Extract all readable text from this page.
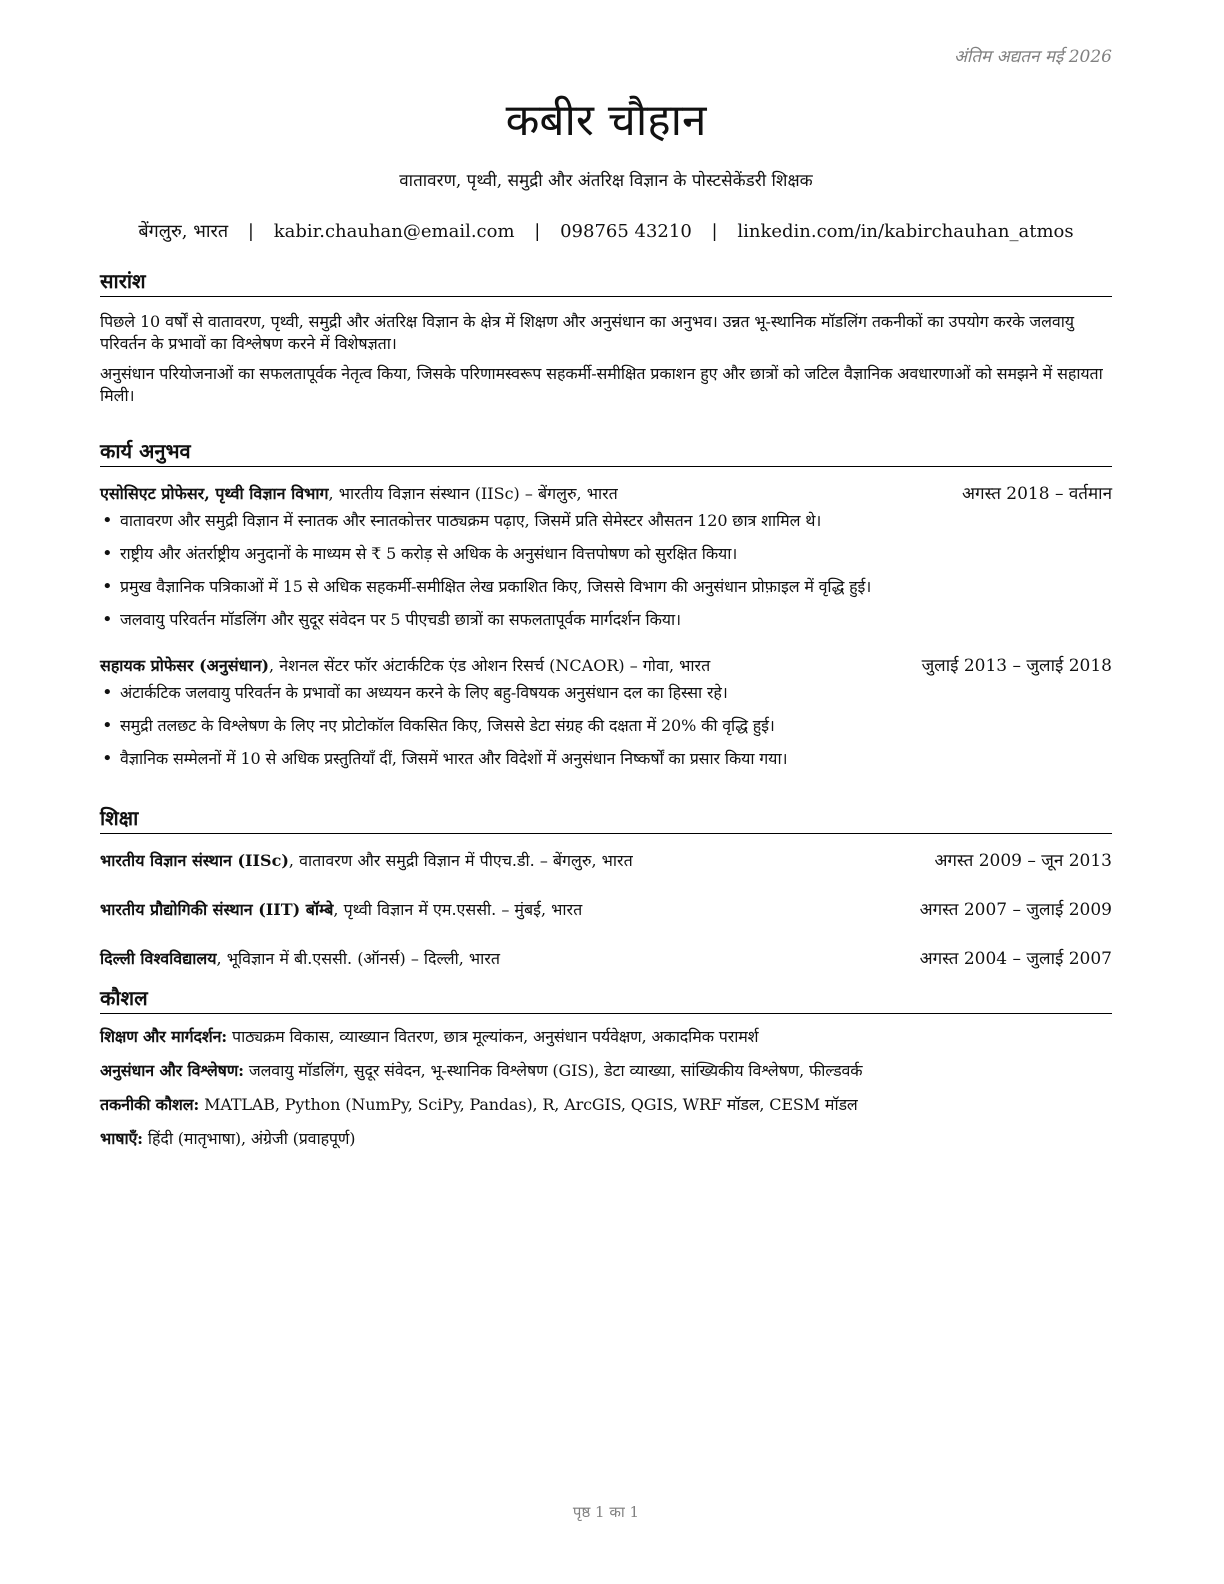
अंतिम अद्यतन मई 2026
कबीर चौहान
वातावरण, पृथ्वी, समुद्री और अंतरिक्ष विज्ञान के पोस्टसेकेंडरी शिक्षक
बेंगलुरु, भारत | kabir.chauhan@email.com | 098765 43210 | linkedin.com/in/kabirchauhan_atmos
सारांश
पिछले 10 वर्षों से वातावरण, पृथ्वी, समुद्री और अंतरिक्ष विज्ञान के क्षेत्र में शिक्षण और अनुसंधान का अनुभव। उन्नत भू-स्थानिक मॉडलिंग तकनीकों का उपयोग करके जलवायु परिवर्तन के प्रभावों का विश्लेषण करने में विशेषज्ञता।
अनुसंधान परियोजनाओं का सफलतापूर्वक नेतृत्व किया, जिसके परिणामस्वरूप सहकर्मी-समीक्षित प्रकाशन हुए और छात्रों को जटिल वैज्ञानिक अवधारणाओं को समझने में सहायता मिली।
कार्य अनुभव
एसोसिएट प्रोफेसर, पृथ्वी विज्ञान विभाग, भारतीय विज्ञान संस्थान (IISc) – बेंगलुरु, भारत	अगस्त 2018 – वर्तमान
• वातावरण और समुद्री विज्ञान में स्नातक और स्नातकोत्तर पाठ्यक्रम पढ़ाए, जिसमें प्रति सेमेस्टर औसतन 120 छात्र शामिल थे।
• राष्ट्रीय और अंतर्राष्ट्रीय अनुदानों के माध्यम से ₹ 5 करोड़ से अधिक के अनुसंधान वित्तपोषण को सुरक्षित किया।
• प्रमुख वैज्ञानिक पत्रिकाओं में 15 से अधिक सहकर्मी-समीक्षित लेख प्रकाशित किए, जिससे विभाग की अनुसंधान प्रोफ़ाइल में वृद्धि हुई।
• जलवायु परिवर्तन मॉडलिंग और सुदूर संवेदन पर 5 पीएचडी छात्रों का सफलतापूर्वक मार्गदर्शन किया।
सहायक प्रोफेसर (अनुसंधान), नेशनल सेंटर फॉर अंटार्कटिक एंड ओशन रिसर्च (NCAOR) – गोवा, भारत	जुलाई 2013 – जुलाई 2018
• अंटार्कटिक जलवायु परिवर्तन के प्रभावों का अध्ययन करने के लिए बहु-विषयक अनुसंधान दल का हिस्सा रहे।
• समुद्री तलछट के विश्लेषण के लिए नए प्रोटोकॉल विकसित किए, जिससे डेटा संग्रह की दक्षता में 20% की वृद्धि हुई।
• वैज्ञानिक सम्मेलनों में 10 से अधिक प्रस्तुतियाँ दीं, जिसमें भारत और विदेशों में अनुसंधान निष्कर्षों का प्रसार किया गया।
शिक्षा
भारतीय विज्ञान संस्थान (IISc), वातावरण और समुद्री विज्ञान में पीएच.डी. – बेंगलुरु, भारत	अगस्त 2009 – जून 2013
भारतीय प्रौद्योगिकी संस्थान (IIT) बॉम्बे, पृथ्वी विज्ञान में एम.एससी. – मुंबई, भारत	अगस्त 2007 – जुलाई 2009
दिल्ली विश्वविद्यालय, भूविज्ञान में बी.एससी. (ऑनर्स) – दिल्ली, भारत	अगस्त 2004 – जुलाई 2007
कौशल
शिक्षण और मार्गदर्शन: पाठ्यक्रम विकास, व्याख्यान वितरण, छात्र मूल्यांकन, अनुसंधान पर्यवेक्षण, अकादमिक परामर्श
अनुसंधान और विश्लेषण: जलवायु मॉडलिंग, सुदूर संवेदन, भू-स्थानिक विश्लेषण (GIS), डेटा व्याख्या, सांख्यिकीय विश्लेषण, फील्डवर्क
तकनीकी कौशल: MATLAB, Python (NumPy, SciPy, Pandas), R, ArcGIS, QGIS, WRF मॉडल, CESM मॉडल
भाषाएँ: हिंदी (मातृभाषा), अंग्रेजी (प्रवाहपूर्ण)
पृष्ठ 1 का 1
